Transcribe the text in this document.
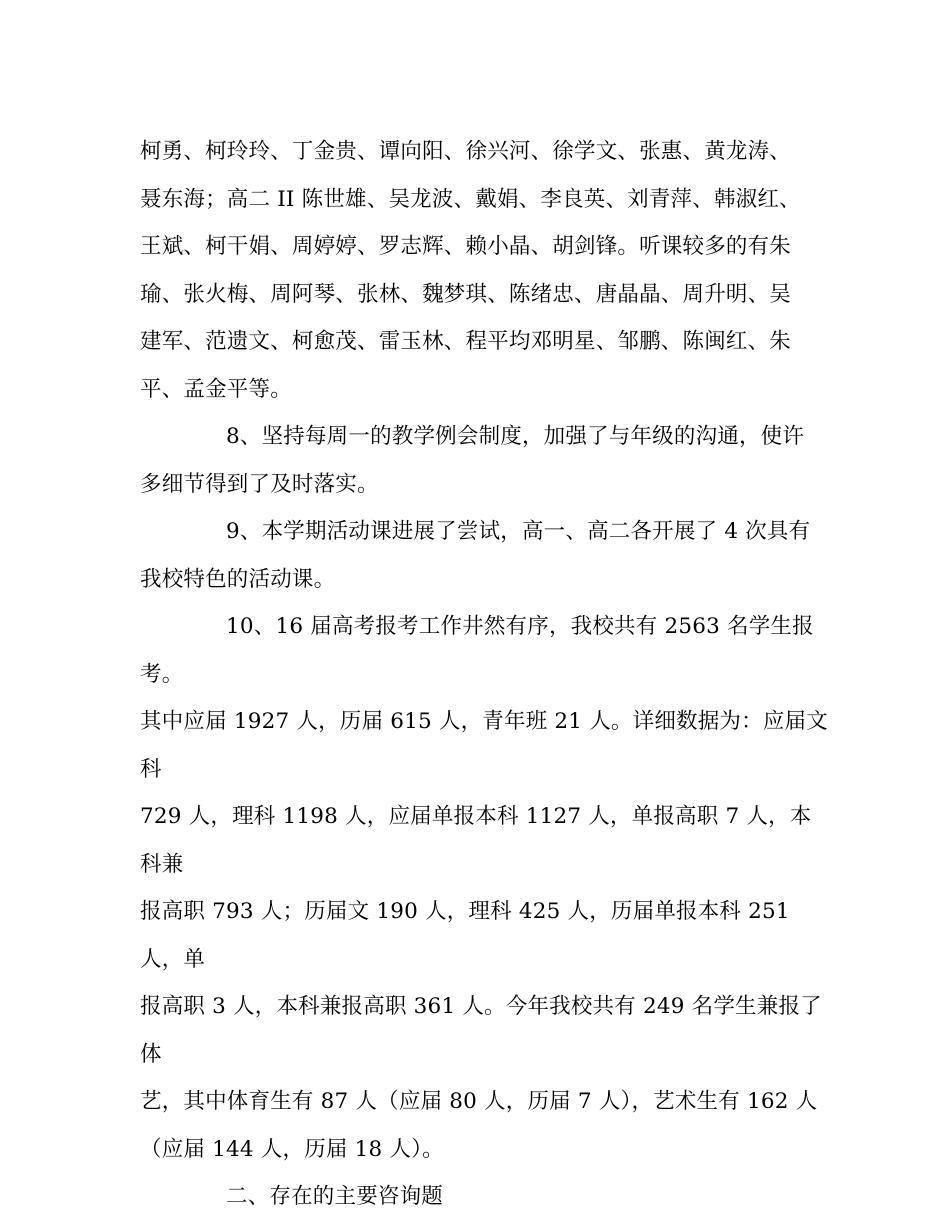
柯勇、柯玲玲、丁金贵、谭向阳、徐兴河、徐学文、张惠、黄龙涛、
聂东海；高二 II 陈世雄、吴龙波、戴娟、李良英、刘青萍、韩淑红、
王斌、柯干娟、周婷婷、罗志辉、赖小晶、胡剑锋。听课较多的有朱
瑜、张火梅、周阿琴、张林、魏梦琪、陈绪忠、唐晶晶、周升明、吴
建军、范遗文、柯愈茂、雷玉林、程平均邓明星、邹鹏、陈闽红、朱
平、孟金平等。

8、坚持每周一的教学例会制度，加强了与年级的沟通，使许
多细节得到了及时落实。

9、本学期活动课进展了尝试，高一、高二各开展了 4 次具有
我校特色的活动课。

10、16 届高考报考工作井然有序，我校共有 2563 名学生报考。
其中应届 1927 人，历届 615 人，青年班 21 人。详细数据为：应届文科
729 人，理科 1198 人，应届单报本科 1127 人，单报高职 7 人，本科兼
报高职 793 人；历届文 190 人，理科 425 人，历届单报本科 251 人，单
报高职 3 人，本科兼报高职 361 人。今年我校共有 249 名学生兼报了体
艺，其中体育生有 87 人（应届 80 人，历届 7 人），艺术生有 162 人
（应届 144 人，历届 18 人）。

二、存在的主要咨询题
